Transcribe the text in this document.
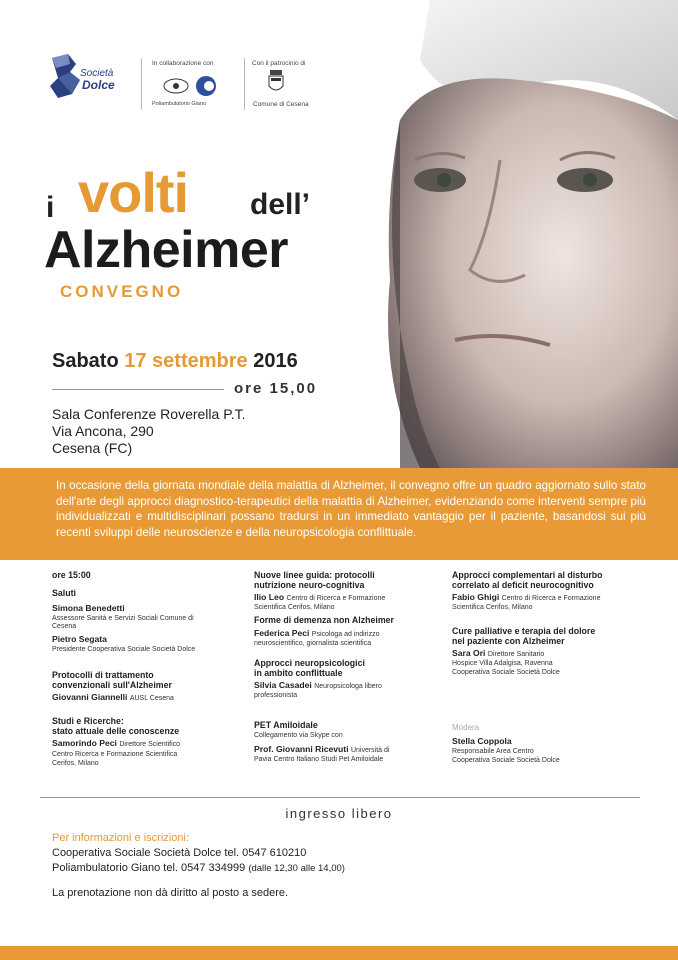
Società
Dolce
In collaborazione con
Poliambulatorio Giano
Con il patrocinio di
Comune di Cesena
i volti dell’
Alzheimer
CONVEGNO
Sabato 17 settembre 2016
ore 15,00
Sala Conferenze Roverella P.T.
Via Ancona, 290
Cesena (FC)
In occasione della giornata mondiale della malattia di Alzheimer, il convegno offre un quadro aggiornato sullo stato dell'arte degli approcci diagnostico-terapeutici della malattia di Alzheimer, evidenziando come interventi sempre più individualizzati e multidisciplinari possano tradursi in un immediato vantaggio per il paziente, basandosi sui più recenti sviluppi delle neuroscienze e della neuropsicologia conflittuale.
ore 15:00
Saluti
Simona Benedetti
Assessore Sanità e Servizi Sociali Comune di
Cesena
Pietro Segata
Presidente Cooperativa Sociale Società Dolce
Protocolli di trattamento
convenzionali sull'Alzheimer
Giovanni Giannelli AUSL Cesena
Studi e Ricerche:
stato attuale delle conoscenze
Samorindo Peci Direttore Scientifico
Centro Ricerca e Formazione Scientifica
Cerifos, Milano
Nuove linee guida: protocolli
nutrizione neuro-cognitiva
Ilio Leo Centro di Ricerca e Formazione
Scientifica Cerifos, Milano
Forme di demenza non Alzheimer
Federica Peci Psicologa ad indirizzo
neuroscientifico, giornalista scientifica
Approcci neuropsicologici
in ambito conflittuale
Silvia Casadei Neuropsicologa libero
professionista
PET Amiloidale
Collegamento via Skype con
Prof. Giovanni Ricevuti Università di
Pavia Centro Italiano Studi Pet Amiloidale
Approcci complementari al disturbo
correlato al deficit neurocognitivo
Fabio Ghigi Centro di Ricerca e Formazione
Scientifica Cerifos, Milano
Cure palliative e terapia del dolore
nel paziente con Alzheimer
Sara Ori Direttore Sanitario
Hospice Villa Adalgisa, Ravenna
Cooperativa Sociale Società Dolce
Modera
Stella Coppola
Responsabile Area Centro
Cooperativa Sociale Società Dolce
ingresso libero
Per informazioni e iscrizioni:
Cooperativa Sociale Società Dolce tel. 0547 610210
Poliambulatorio Giano tel. 0547 334999 (dalle 12,30 alle 14,00)
La prenotazione non dà diritto al posto a sedere.
